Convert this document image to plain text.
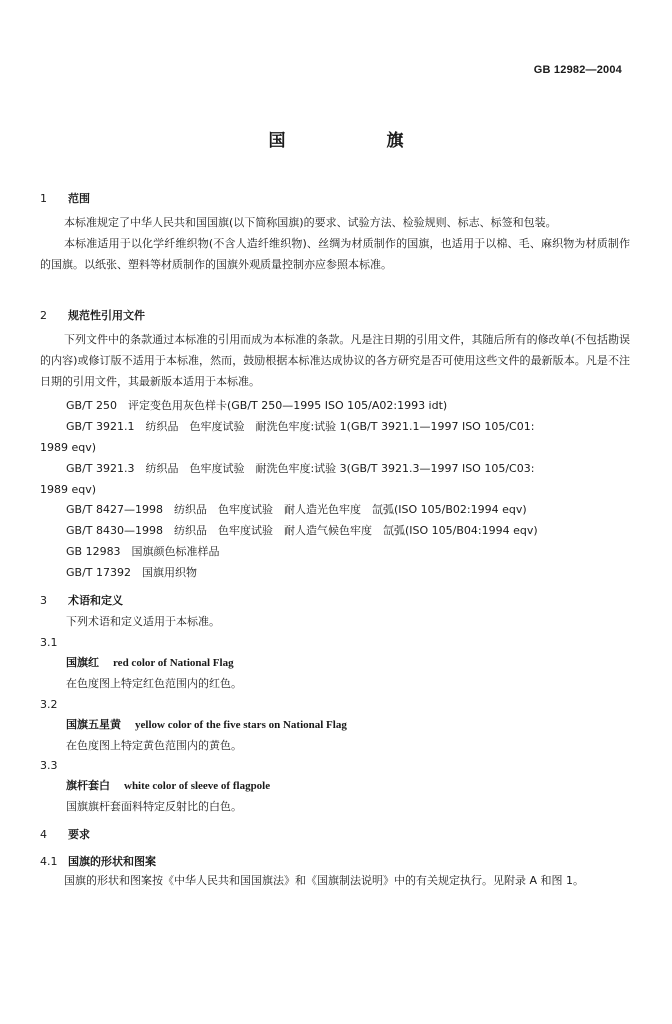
GB 12982—2004
国　旗
1 范围

本标准规定了中华人民共和国国旗(以下简称国旗)的要求、试验方法、检验规则、标志、标签和包装。

本标准适用于以化学纤维织物(不含人造纤维织物)、丝绸为材质制作的国旗，也适用于以棉、毛、麻织物为材质制作的国旗。以纸张、塑料等材质制作的国旗外观质量控制亦应参照本标准。

2 规范性引用文件

下列文件中的条款通过本标准的引用而成为本标准的条款。凡是注日期的引用文件，其随后所有的修改单(不包括勘误的内容)或修订版不适用于本标准，然而，鼓励根据本标准达成协议的各方研究是否可使用这些文件的最新版本。凡是不注日期的引用文件，其最新版本适用于本标准。

GB/T 250　评定变色用灰色样卡(GB/T 250—1995 ISO 105/A02:1993 idt)
GB/T 3921.1　纺织品　色牢度试验　耐洗色牢度:试验 1(GB/T 3921.1—1997 ISO 105/C01:
1989 eqv)
GB/T 3921.3　纺织品　色牢度试验　耐洗色牢度:试验 3(GB/T 3921.3—1997 ISO 105/C03:
1989 eqv)
GB/T 8427—1998　纺织品　色牢度试验　耐人造光色牢度　氙弧(ISO 105/B02:1994 eqv)
GB/T 8430—1998　纺织品　色牢度试验　耐人造气候色牢度　氙弧(ISO 105/B04:1994 eqv)
GB 12983　国旗颜色标准样品
GB/T 17392　国旗用织物
3 术语和定义
下列术语和定义适用于本标准。
3.1
国旗红 red color of National Flag
在色度图上特定红色范围内的红色。
3.2
国旗五星黄 yellow color of the five stars on National Flag
在色度图上特定黄色范围内的黄色。
3.3
旗杆套白 white color of sleeve of flagpole
国旗旗杆套面料特定反射比的白色。
4 要求
4.1 国旗的形状和图案

国旗的形状和图案按《中华人民共和国国旗法》和《国旗制法说明》中的有关规定执行。见附录 A 和图 1。
